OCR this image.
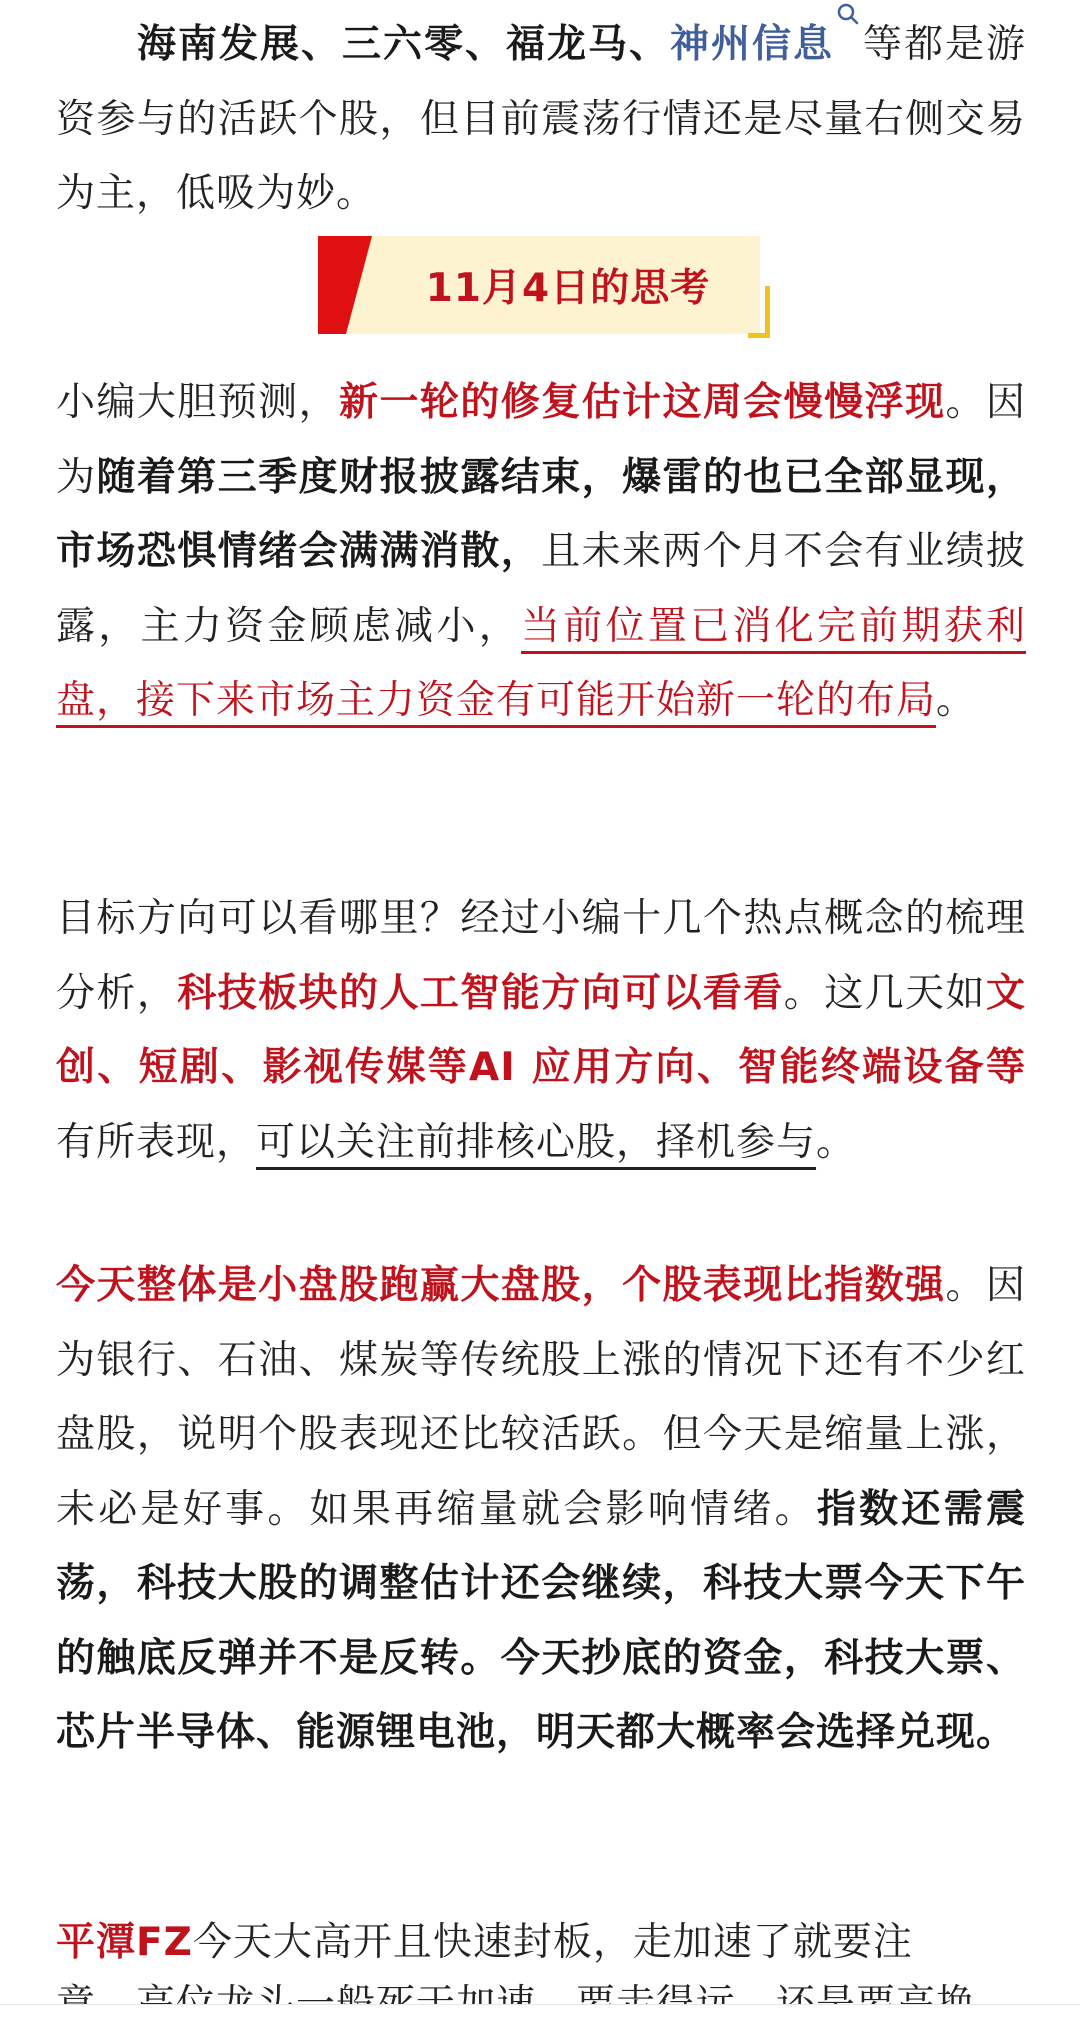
海南发展、三六零、福龙马、神州信息 等都是游资参与的活跃个股，但目前震荡行情还是尽量右侧交易为主，低吸为妙。

11月4日的思考

小编大胆预测，新一轮的修复估计这周会慢慢浮现。因为随着第三季度财报披露结束，爆雷的也已全部显现，市场恐惧情绪会满满消散，且未来两个月不会有业绩披露，主力资金顾虑减小，当前位置已消化完前期获利盘，接下来市场主力资金有可能开始新一轮的布局。

目标方向可以看哪里？经过小编十几个热点概念的梳理分析，科技板块的人工智能方向可以看看。这几天如文创、短剧、影视传媒等AI 应用方向、智能终端设备等有所表现，可以关注前排核心股，择机参与。

今天整体是小盘股跑赢大盘股，个股表现比指数强。因为银行、石油、煤炭等传统股上涨的情况下还有不少红盘股，说明个股表现还比较活跃。但今天是缩量上涨，未必是好事。如果再缩量就会影响情绪。指数还需震荡，科技大股的调整估计还会继续，科技大票今天下午的触底反弹并不是反转。今天抄底的资金，科技大票、芯片半导体、能源锂电池，明天都大概率会选择兑现。

平潭FZ今天大高开且快速封板，走加速了就要注
